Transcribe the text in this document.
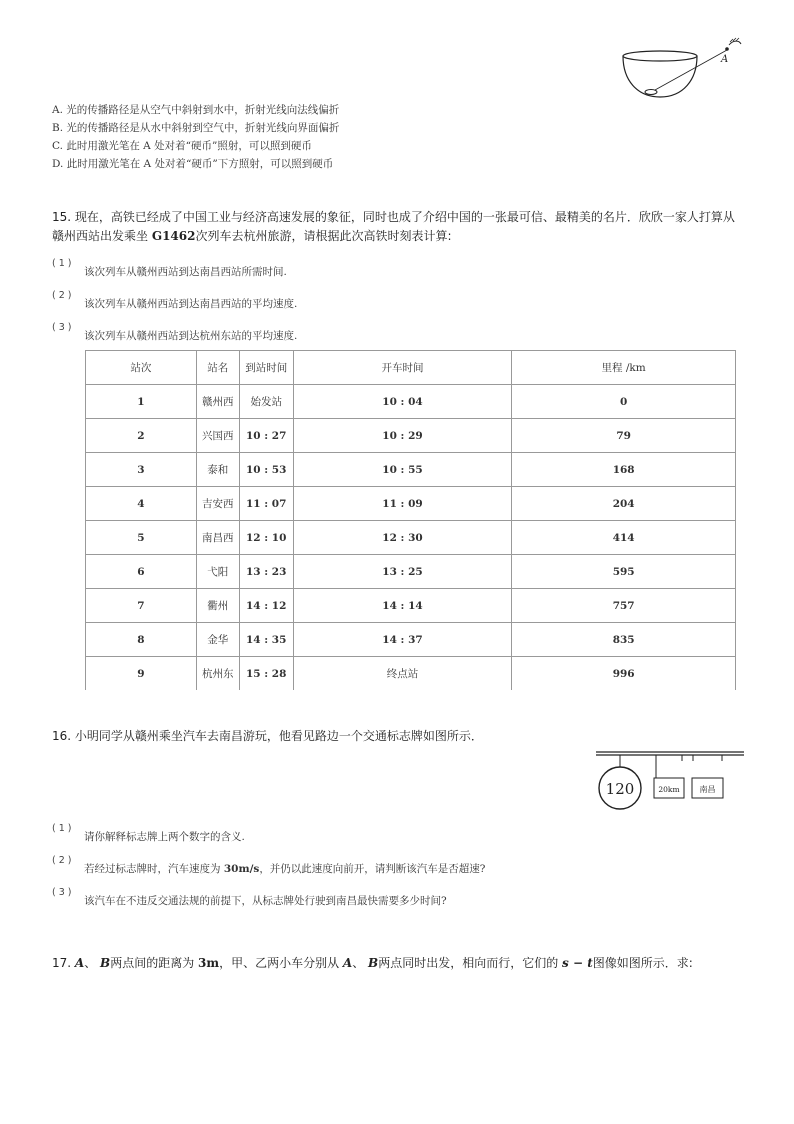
A
A. 光的传播路径是从空气中斜射到水中，折射光线向法线偏折
B. 光的传播路径是从水中斜射到空气中，折射光线向界面偏折
C. 此时用激光笔在 A 处对着“硬币”照射，可以照到硬币
D. 此时用激光笔在 A 处对着“硬币”下方照射，可以照到硬币
15. 现在，高铁已经成了中国工业与经济高速发展的象征，同时也成了介绍中国的一张最可信、最精美的名片．欣欣一家人打算从赣州西站出发乘坐 G1462次列车去杭州旅游，请根据此次高铁时刻表计算:
( 1 )
该次列车从赣州西站到达南昌西站所需时间.
( 2 )
该次列车从赣州西站到达南昌西站的平均速度.
( 3 )
该次列车从赣州西站到达杭州东站的平均速度.
站次	站名	到站时间	开车时间	里程 /km
1	赣州西	始发站	10 : 04	0
2	兴国西	10 : 27	10 : 29	79
3	泰和	10 : 53	10 : 55	168
4	吉安西	11 : 07	11 : 09	204
5	南昌西	12 : 10	12 : 30	414
6	弋阳	13 : 23	13 : 25	595
7	衢州	14 : 12	14 : 14	757
8	金华	14 : 35	14 : 37	835
9	杭州东	15 : 28	终点站	996
16. 小明同学从赣州乘坐汽车去南昌游玩，他看见路边一个交通标志牌如图所示．
120	20km 南昌
( 1 )
请你解释标志牌上两个数字的含义.
( 2 )
若经过标志牌时，汽车速度为 30m/s，并仍以此速度向前开，请判断该汽车是否超速?
( 3 )
该汽车在不违反交通法规的前提下，从标志牌处行驶到南昌最快需要多少时间?
17. A、 B两点间的距离为 3m，甲、乙两小车分别从 A、 B两点同时出发，相向而行，它们的 s − t图像如图所示．求:
